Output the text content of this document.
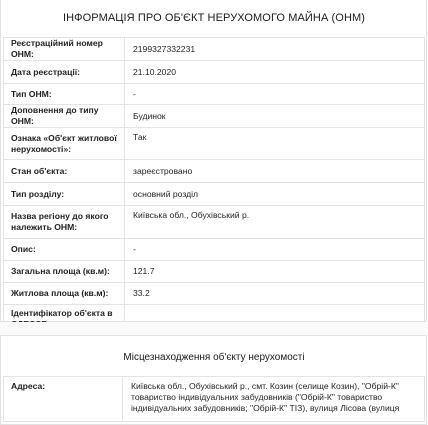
ІНФОРМАЦІЯ ПРО ОБ'ЄКТ НЕРУХОМОГО МАЙНА (ОНМ)
Реєстраційний номер ОНМ:	2199327332231
Дата реєстрації:	21.10.2020
Тип ОНМ:	-
Доповнення до типу ОНМ:	Будинок
Ознака «Об'єкт житлової нерухомості»:	Так
Стан об'єкта:	зареєстровано
Тип розділу:	основний розділ
Назва регіону до якого належить ОНМ:	Київська обл., Обухівський р.
Опис:	-
Загальна площа (кв.м):	121.7
Житлова площа (кв.м):	33.2
Ідентифікатор об'єкта в	
Місцезнаходження об'єкту нерухомості
Адреса:	Київська обл., Обухівський р., смт. Козин (селище Козин), "Обрій-К" товариство індивідуальних забудовників ("Обрій-К" товариство індивідуальних забудовників; "Обрій-К" ТІЗ), вулиця Лісова (вулиця
